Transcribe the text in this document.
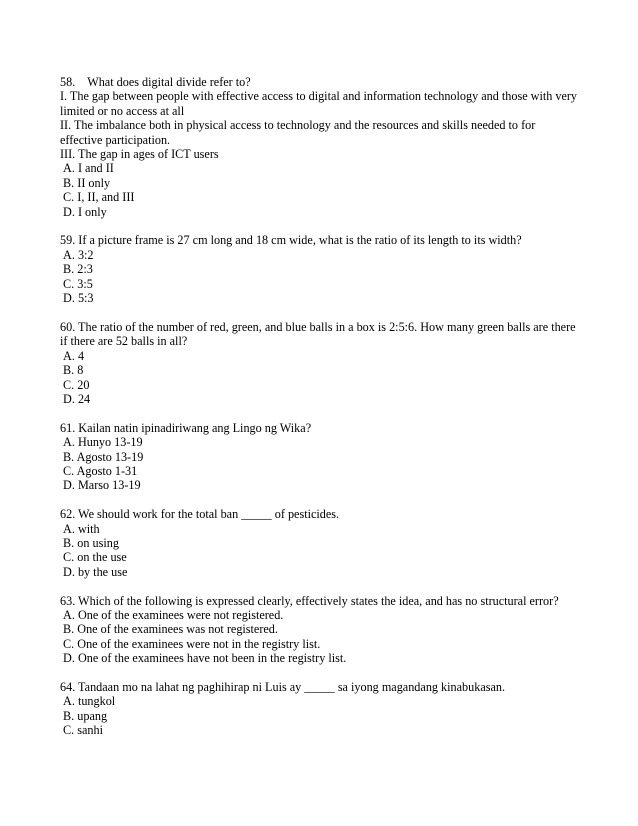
58.    What does digital divide refer to?

I. The gap between people with effective access to digital and information technology and those with very limited or no access at all

II. The imbalance both in physical access to technology and the resources and skills needed to for effective participation.

III. The gap in ages of ICT users

A. I and II

B. II only

C. I, II, and III

D. I only

59. If a picture frame is 27 cm long and 18 cm wide, what is the ratio of its length to its width?

A. 3:2

B. 2:3

C. 3:5

D. 5:3

60. The ratio of the number of red, green, and blue balls in a box is 2:5:6. How many green balls are there if there are 52 balls in all?

A. 4

B. 8

C. 20

D. 24

61. Kailan natin ipinadiriwang ang Lingo ng Wika?

A. Hunyo 13-19

B. Agosto 13-19

C. Agosto 1-31

D. Marso 13-19

62. We should work for the total ban _____ of pesticides.

A. with

B. on using

C. on the use

D. by the use

63. Which of the following is expressed clearly, effectively states the idea, and has no structural error?

A. One of the examinees were not registered.

B. One of the examinees was not registered.

C. One of the examinees were not in the registry list.

D. One of the examinees have not been in the registry list.

64. Tandaan mo na lahat ng paghihirap ni Luis ay _____ sa iyong magandang kinabukasan.

A. tungkol

B. upang

C. sanhi
